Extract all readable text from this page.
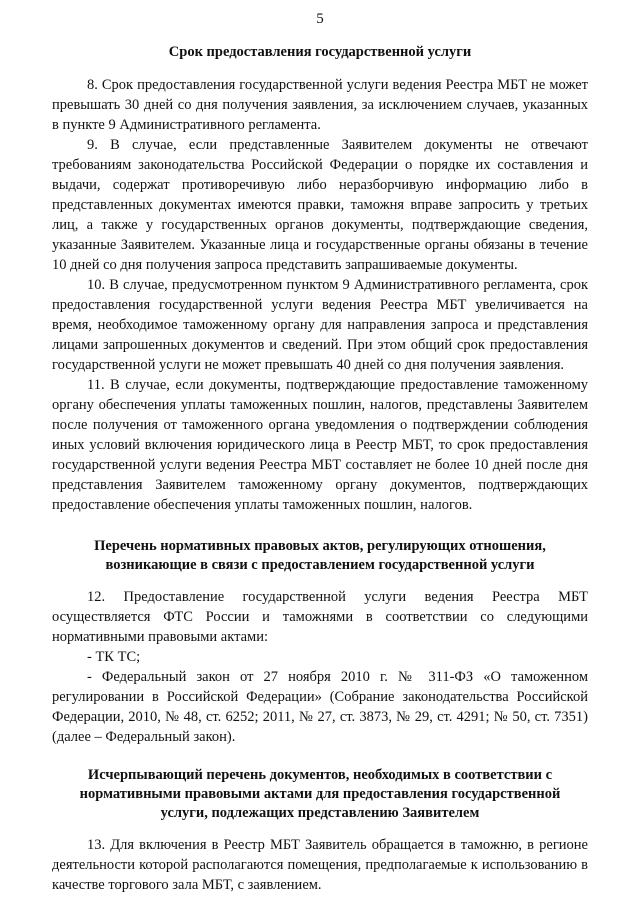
5

Срок предоставления государственной услуги

8. Срок предоставления государственной услуги ведения Реестра МБТ не может превышать 30 дней со дня получения заявления, за исключением случаев, указанных в пункте 9 Административного регламента.

9. В случае, если представленные Заявителем документы не отвечают требованиям законодательства Российской Федерации о порядке их составления и выдачи, содержат противоречивую либо неразборчивую информацию либо в представленных документах имеются правки, таможня вправе запросить у третьих лиц, а также у государственных органов документы, подтверждающие сведения, указанные Заявителем. Указанные лица и государственные органы обязаны в течение 10 дней со дня получения запроса представить запрашиваемые документы.

10. В случае, предусмотренном пунктом 9 Административного регламента, срок предоставления государственной услуги ведения Реестра МБТ увеличивается на время, необходимое таможенному органу для направления запроса и представления лицами запрошенных документов и сведений. При этом общий срок предоставления государственной услуги не может превышать 40 дней со дня получения заявления.

11. В случае, если документы, подтверждающие предоставление таможенному органу обеспечения уплаты таможенных пошлин, налогов, представлены Заявителем после получения от таможенного органа уведомления о подтверждении соблюдения иных условий включения юридического лица в Реестр МБТ, то срок предоставления государственной услуги ведения Реестра МБТ составляет не более 10 дней после дня представления Заявителем таможенному органу документов, подтверждающих предоставление обеспечения уплаты таможенных пошлин, налогов.

Перечень нормативных правовых актов, регулирующих отношения,
возникающие в связи с предоставлением государственной услуги

12. Предоставление государственной услуги ведения Реестра МБТ осуществляется ФТС России и таможнями в соответствии со следующими нормативными правовыми актами:

- ТК ТС;

- Федеральный закон от 27 ноября 2010 г. № 311-ФЗ «О таможенном регулировании в Российской Федерации» (Собрание законодательства Российской Федерации, 2010, № 48, ст. 6252; 2011, № 27, ст. 3873, № 29, ст. 4291; № 50, ст. 7351) (далее – Федеральный закон).

Исчерпывающий перечень документов, необходимых в соответствии с
нормативными правовыми актами для предоставления государственной
услуги, подлежащих представлению Заявителем

13. Для включения в Реестр МБТ Заявитель обращается в таможню, в регионе деятельности которой располагаются помещения, предполагаемые к использованию в качестве торгового зала МБТ, с заявлением.
